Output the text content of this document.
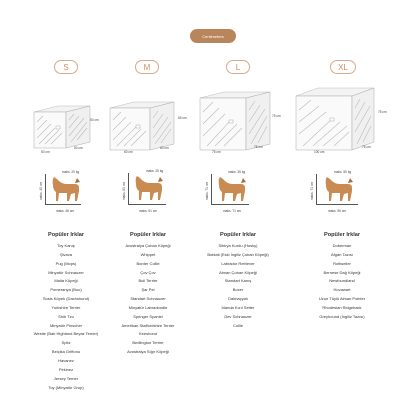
Centimeters
S
50 cm
50 cm
50 cm
maks. 20 kg
maks. 40 cm
maks. 46 cm
Popüler Irklar
Toy Kanış
Şivava
Pug (Mops)
Minyatür Schnauzer
Malta Köpeği
Pomeranya (Boo)
Sosis Köpek (Dachshund)
Yorkshire Terrier
Shih Tzu
Minyatür Pinscher
Westie (Batı Highland Beyaz Terrier)
Spitz
Belçika Griffonu
Havanez
Pekinez
Jersey Terrier
Toy (Minyatür Grup)
M
65 cm
60 cm
60 cm
maks. 25 kg
maks. 61 cm
maks. 61 cm
Popüler Irklar
Avustralya Çoban Köpeği
Whippet
Border Collie
Çov Çov
Bull Terrier
Şar Pei
Standart Schnauzer
Minyatür Labradoodle
Springer Spaniel
Amerikan Staffordshire Terrier
Keeshond
Bedlington Terrier
Avustralya Sığır Köpeği
L
75 cm
75 cm
75 cm
maks. 35 kg
maks. 71 cm
maks. 71 cm
Popüler Irklar
Sibirya Kurdu (Husky)
Bobtail (Eski İngiliz Çoban Köpeği)
Labrador Retriever
Alman Çoban Köpeği
Standart Kanış
Boxer
Dalmaçyalı
İrlanda Kızıl Setter
Dev Schnauzer
Collie
XL
75 cm
100 cm
75 cm
maks. 50 kg
maks. 71 cm
maks. 96 cm
Popüler Irklar
Doberman
Afgan Tazısı
Rottweiler
Bernese Dağ Köpeği
Newfoundland
Hovawart
Uzun Tüylü Alman Pointer
Rhodesian Ridgeback
Greyhound (İngiliz Tazısı)
